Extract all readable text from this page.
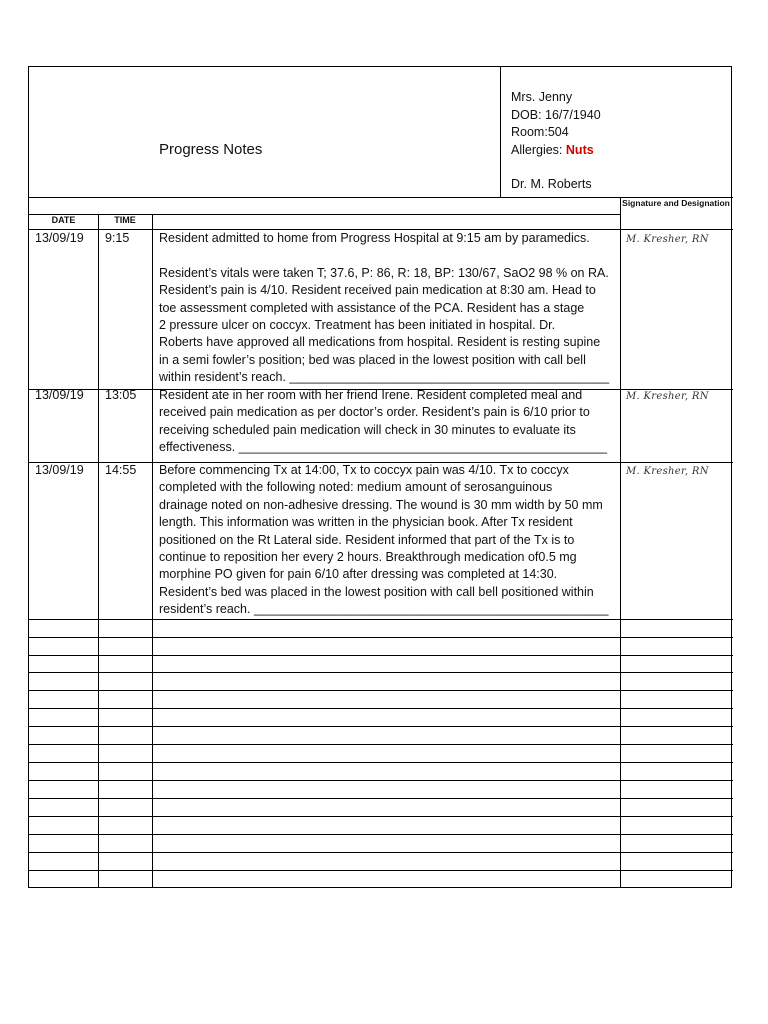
Progress Notes
Mrs. Jenny
DOB: 16/7/1940
Room:504
Allergies: Nuts
Dr. M. Roberts
Signature and Designation
DATE	TIME
13/09/19 9:15 Resident admitted to home from Progress Hospital at 9:15 am by paramedics.

Resident’s vitals were taken T; 37.6, P: 86, R: 18, BP: 130/67, SaO2 98 % on RA.
Resident’s pain is 4/10. Resident received pain medication at 8:30 am. Head to
toe assessment completed with assistance of the PCA. Resident has a stage
2 pressure ulcer on coccyx. Treatment has been initiated in hospital. Dr.
Roberts have approved all medications from hospital. Resident is resting supine
in a semi fowler’s position; bed was placed in the lowest position with call bell
within resident’s reach. ______________________________________________
M. Kresher, RN
13/09/19 13:05 Resident ate in her room with her friend Irene. Resident completed meal and
received pain medication as per doctor’s order. Resident’s pain is 6/10 prior to
receiving scheduled pain medication will check in 30 minutes to evaluate its
effectiveness. _____________________________________________________
M. Kresher, RN
13/09/19 14:55 Before commencing Tx at 14:00, Tx to coccyx pain was 4/10. Tx to coccyx
completed with the following noted: medium amount of serosanguinous
drainage noted on non-adhesive dressing. The wound is 30 mm width by 50 mm
length. This information was written in the physician book. After Tx resident
positioned on the Rt Lateral side. Resident informed that part of the Tx is to
continue to reposition her every 2 hours. Breakthrough medication of0.5 mg
morphine PO given for pain 6/10 after dressing was completed at 14:30.
Resident’s bed was placed in the lowest position with call bell positioned within
resident’s reach. ___________________________________________________
M. Kresher, RN
